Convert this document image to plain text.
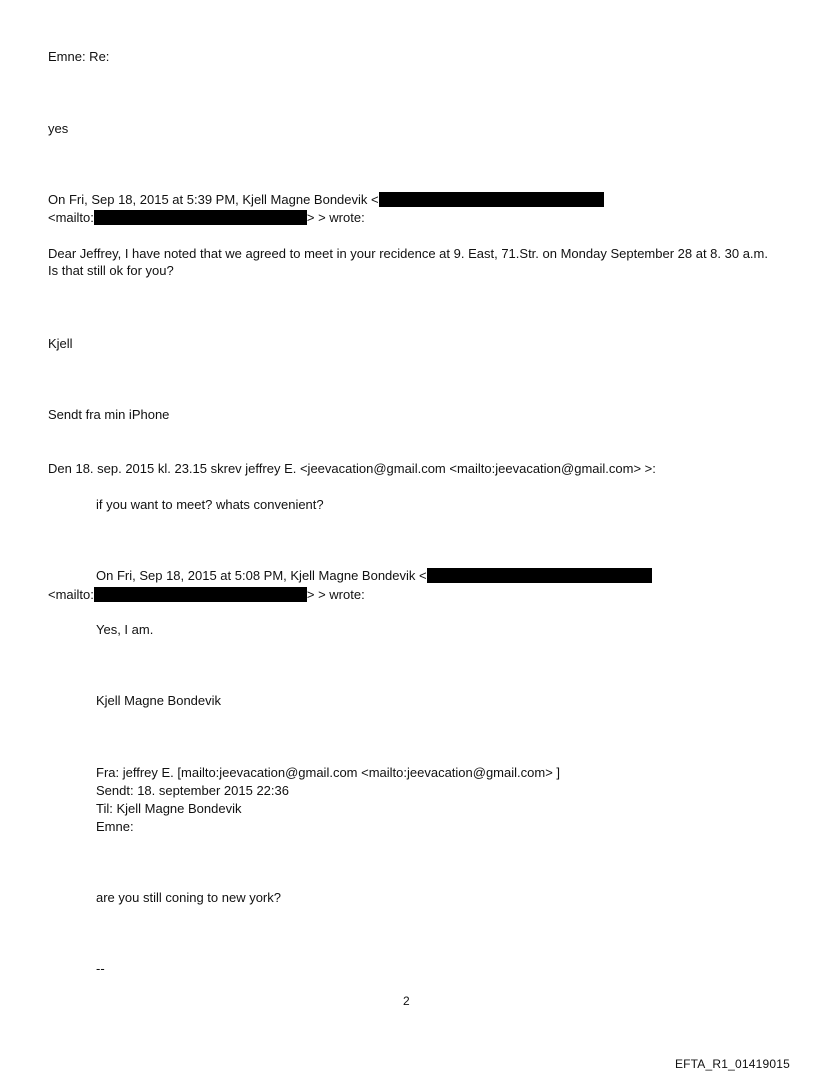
Emne: Re:
yes
On Fri, Sep 18, 2015 at 5:39 PM, Kjell Magne Bondevik <
<mailto:	> > wrote:
Dear Jeffrey, I have noted that we agreed to meet in your recidence at 9. East, 71.Str. on Monday September 28 at 8. 30 a.m. Is that still ok for you?
Kjell
Sendt fra min iPhone
Den 18. sep. 2015 kl. 23.15 skrev jeffrey E. <jeevacation@gmail.com <mailto:jeevacation@gmail.com> >:
if you want to meet? whats convenient?
On Fri, Sep 18, 2015 at 5:08 PM, Kjell Magne Bondevik <
<mailto:	> > wrote:
Yes, I am.
Kjell Magne Bondevik
Fra: jeffrey E. [mailto:jeevacation@gmail.com <mailto:jeevacation@gmail.com> ]
Sendt: 18. september 2015 22:36
Til: Kjell Magne Bondevik
Emne:
are you still coning to new york?
--
2
EFTA_R1_01419015
